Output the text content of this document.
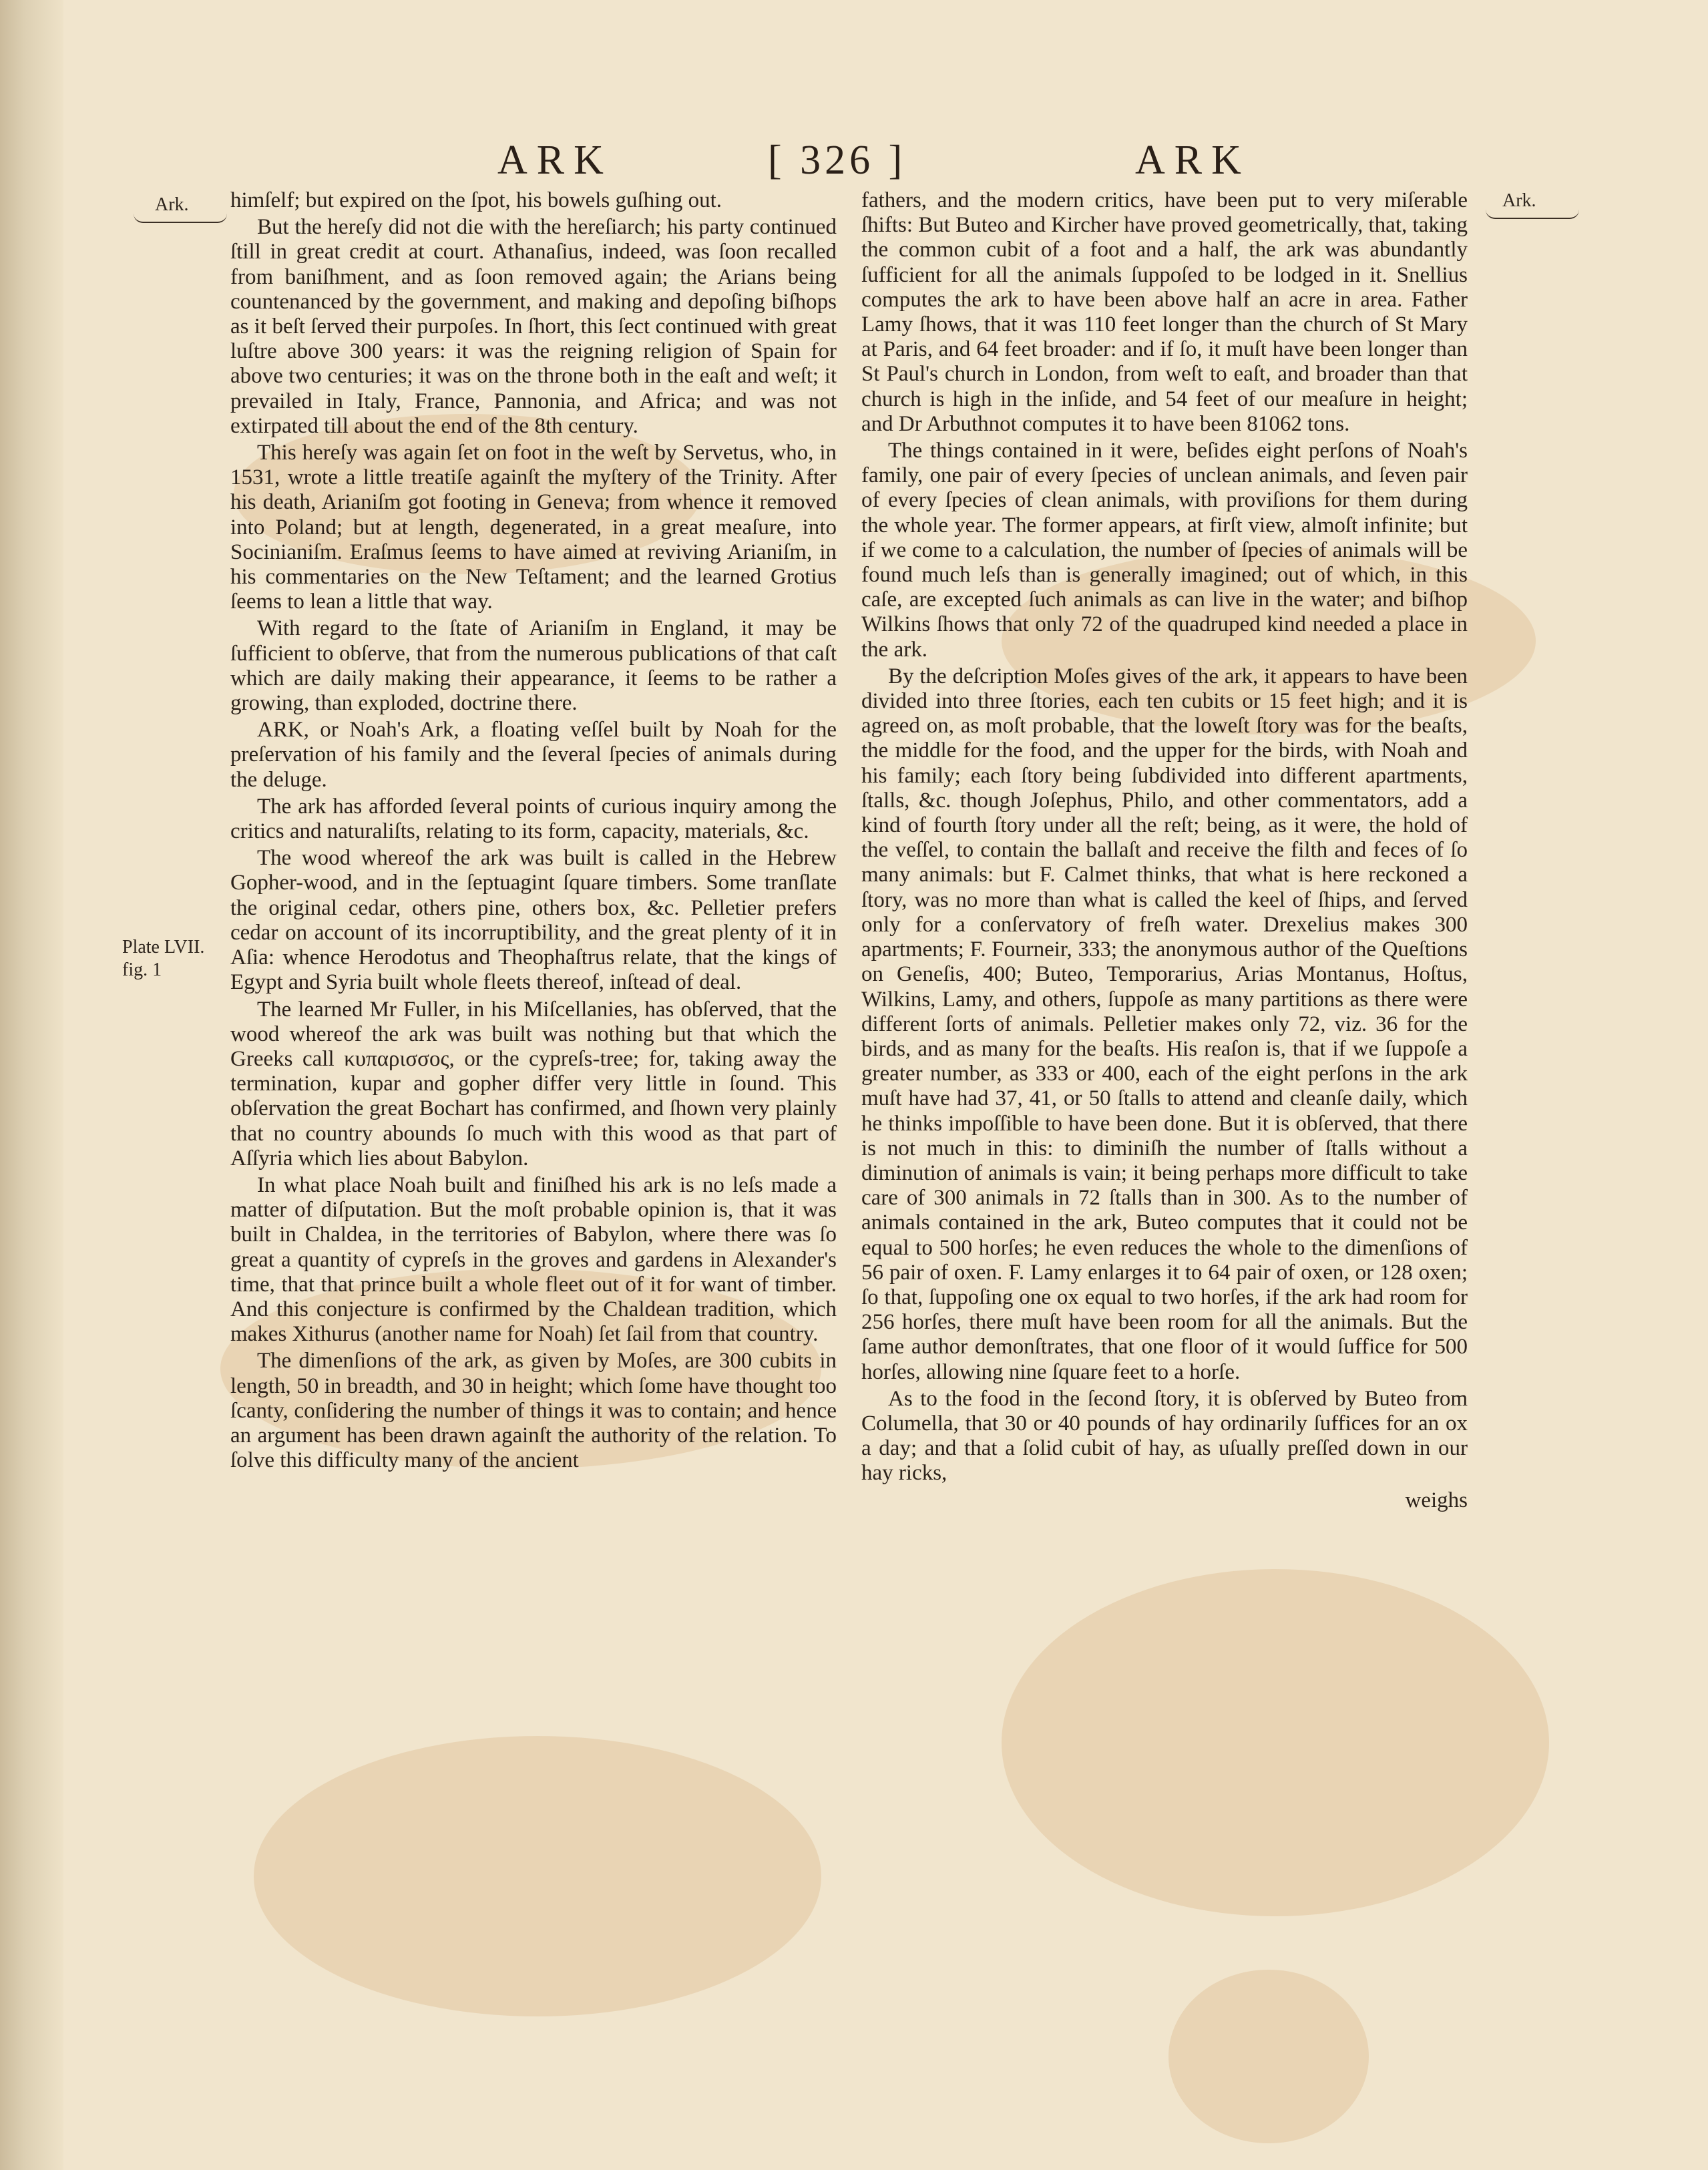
ARK	[ 326 ]	ARK
Ark.	Ark.
Plate LVII.
fig. 1

himſelf; but expired on the ſpot, his bowels guſhing out.

But the hereſy did not die with the hereſiarch; his party continued ſtill in great credit at court. Athanaſius, indeed, was ſoon recalled from baniſhment, and as ſoon removed again; the Arians being countenanced by the government, and making and depoſing biſhops as it beſt ſerved their purpoſes. In ſhort, this ſect continued with great luſtre above 300 years: it was the reigning religion of Spain for above two centuries; it was on the throne both in the eaſt and weſt; it prevailed in Italy, France, Pannonia, and Africa; and was not extirpated till about the end of the 8th century.

This hereſy was again ſet on foot in the weſt by Servetus, who, in 1531, wrote a little treatiſe againſt the myſtery of the Trinity. After his death, Arianiſm got footing in Geneva; from whence it removed into Poland; but at length, degenerated, in a great meaſure, into Socinianiſm. Eraſmus ſeems to have aimed at reviving Arianiſm, in his commentaries on the New Teſtament; and the learned Grotius ſeems to lean a little that way.

With regard to the ſtate of Arianiſm in England, it may be ſufficient to obſerve, that from the numerous publications of that caſt which are daily making their appearance, it ſeems to be rather a growing, than exploded, doctrine there.

ARK, or Noah's Ark, a floating veſſel built by Noah for the preſervation of his family and the ſeveral ſpecies of animals during the deluge.

The ark has afforded ſeveral points of curious inquiry among the critics and naturaliſts, relating to its form, capacity, materials, &c.

The wood whereof the ark was built is called in the Hebrew Gopher-wood, and in the ſeptuagint ſquare timbers. Some tranſlate the original cedar, others pine, others box, &c. Pelletier prefers cedar on account of its incorruptibility, and the great plenty of it in Aſia: whence Herodotus and Theophaſtrus relate, that the kings of Egypt and Syria built whole fleets thereof, inſtead of deal.

The learned Mr Fuller, in his Miſcellanies, has obſerved, that the wood whereof the ark was built was nothing but that which the Greeks call κυπαρισσος, or the cypreſs-tree; for, taking away the termination, kupar and gopher differ very little in ſound. This obſervation the great Bochart has confirmed, and ſhown very plainly that no country abounds ſo much with this wood as that part of Aſſyria which lies about Babylon.

In what place Noah built and finiſhed his ark is no leſs made a matter of diſputation. But the moſt probable opinion is, that it was built in Chaldea, in the territories of Babylon, where there was ſo great a quantity of cypreſs in the groves and gardens in Alexander's time, that that prince built a whole fleet out of it for want of timber. And this conjecture is confirmed by the Chaldean tradition, which makes Xithurus (another name for Noah) ſet ſail from that country.

The dimenſions of the ark, as given by Moſes, are 300 cubits in length, 50 in breadth, and 30 in height; which ſome have thought too ſcanty, conſidering the number of things it was to contain; and hence an argument has been drawn againſt the authority of the relation. To ſolve this difficulty many of the ancient

fathers, and the modern critics, have been put to very miſerable ſhifts: But Buteo and Kircher have proved geometrically, that, taking the common cubit of a foot and a half, the ark was abundantly ſufficient for all the animals ſuppoſed to be lodged in it. Snellius computes the ark to have been above half an acre in area. Father Lamy ſhows, that it was 110 feet longer than the church of St Mary at Paris, and 64 feet broader: and if ſo, it muſt have been longer than St Paul's church in London, from weſt to eaſt, and broader than that church is high in the inſide, and 54 feet of our meaſure in height; and Dr Arbuthnot computes it to have been 81062 tons.

The things contained in it were, beſides eight perſons of Noah's family, one pair of every ſpecies of unclean animals, and ſeven pair of every ſpecies of clean animals, with proviſions for them during the whole year. The former appears, at firſt view, almoſt infinite; but if we come to a calculation, the number of ſpecies of animals will be found much leſs than is generally imagined; out of which, in this caſe, are excepted ſuch animals as can live in the water; and biſhop Wilkins ſhows that only 72 of the quadruped kind needed a place in the ark.

By the deſcription Moſes gives of the ark, it appears to have been divided into three ſtories, each ten cubits or 15 feet high; and it is agreed on, as moſt probable, that the loweſt ſtory was for the beaſts, the middle for the food, and the upper for the birds, with Noah and his family; each ſtory being ſubdivided into different apartments, ſtalls, &c. though Joſephus, Philo, and other commentators, add a kind of fourth ſtory under all the reſt; being, as it were, the hold of the veſſel, to contain the ballaſt and receive the filth and feces of ſo many animals: but F. Calmet thinks, that what is here reckoned a ſtory, was no more than what is called the keel of ſhips, and ſerved only for a conſervatory of freſh water. Drexelius makes 300 apartments; F. Fourneir, 333; the anonymous author of the Queſtions on Geneſis, 400; Buteo, Temporarius, Arias Montanus, Hoſtus, Wilkins, Lamy, and others, ſuppoſe as many partitions as there were different ſorts of animals. Pelletier makes only 72, viz. 36 for the birds, and as many for the beaſts. His reaſon is, that if we ſuppoſe a greater number, as 333 or 400, each of the eight perſons in the ark muſt have had 37, 41, or 50 ſtalls to attend and cleanſe daily, which he thinks impoſſible to have been done. But it is obſerved, that there is not much in this: to diminiſh the number of ſtalls without a diminution of animals is vain; it being perhaps more difficult to take care of 300 animals in 72 ſtalls than in 300. As to the number of animals contained in the ark, Buteo computes that it could not be equal to 500 horſes; he even reduces the whole to the dimenſions of 56 pair of oxen. F. Lamy enlarges it to 64 pair of oxen, or 128 oxen; ſo that, ſuppoſing one ox equal to two horſes, if the ark had room for 256 horſes, there muſt have been room for all the animals. But the ſame author demonſtrates, that one floor of it would ſuffice for 500 horſes, allowing nine ſquare feet to a horſe.

As to the food in the ſecond ſtory, it is obſerved by Buteo from Columella, that 30 or 40 pounds of hay ordinarily ſuffices for an ox a day; and that a ſolid cubit of hay, as uſually preſſed down in our hay ricks,

weighs
